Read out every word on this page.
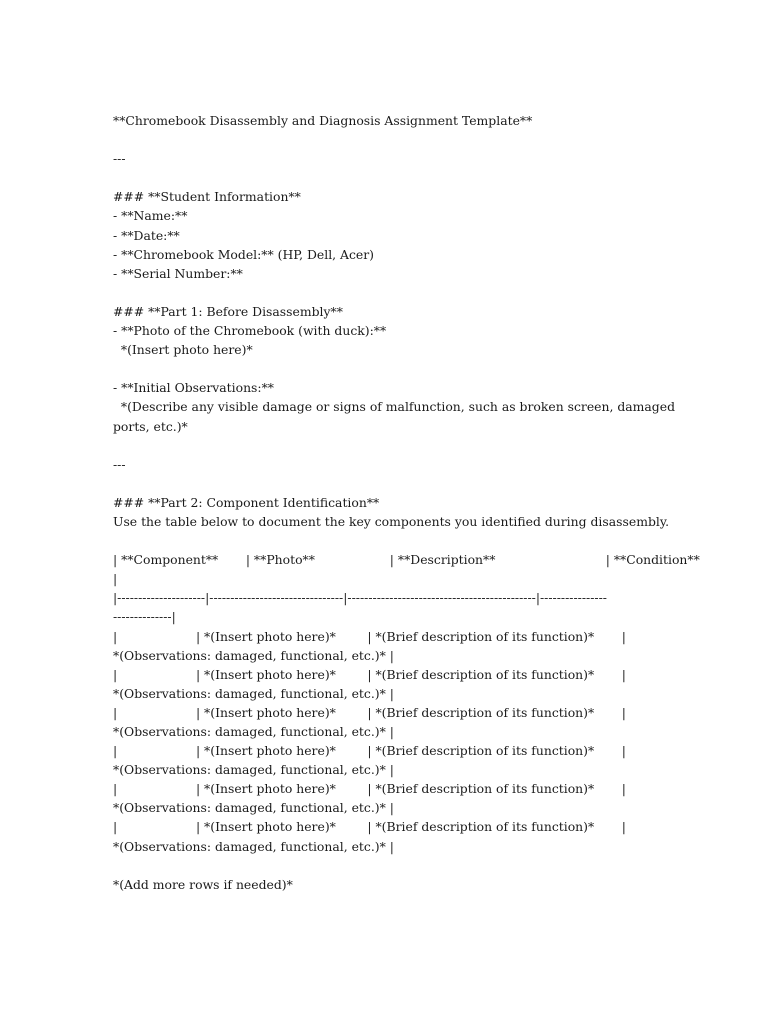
**Chromebook Disassembly and Diagnosis Assignment Template**
---
### **Student Information**
- **Name:**
- **Date:**
- **Chromebook Model:** (HP, Dell, Acer)
- **Serial Number:**
### **Part 1: Before Disassembly**
- **Photo of the Chromebook (with duck):**
*(Insert photo here)*
- **Initial Observations:**
*(Describe any visible damage or signs of malfunction, such as broken screen, damaged
ports, etc.)*
---
### **Part 2: Component Identification**
Use the table below to document the key components you identified during disassembly.
| **Component**       | **Photo**                   | **Description**                            | **Condition**
|
|---------------------|--------------------------------|---------------------------------------------|----------------
--------------|
|                    | *(Insert photo here)*        | *(Brief description of its function)*       |
*(Observations: damaged, functional, etc.)* |
|                    | *(Insert photo here)*        | *(Brief description of its function)*       |
*(Observations: damaged, functional, etc.)* |
|                    | *(Insert photo here)*        | *(Brief description of its function)*       |
*(Observations: damaged, functional, etc.)* |
|                    | *(Insert photo here)*        | *(Brief description of its function)*       |
*(Observations: damaged, functional, etc.)* |
|                    | *(Insert photo here)*        | *(Brief description of its function)*       |
*(Observations: damaged, functional, etc.)* |
|                    | *(Insert photo here)*        | *(Brief description of its function)*       |
*(Observations: damaged, functional, etc.)* |
*(Add more rows if needed)*
